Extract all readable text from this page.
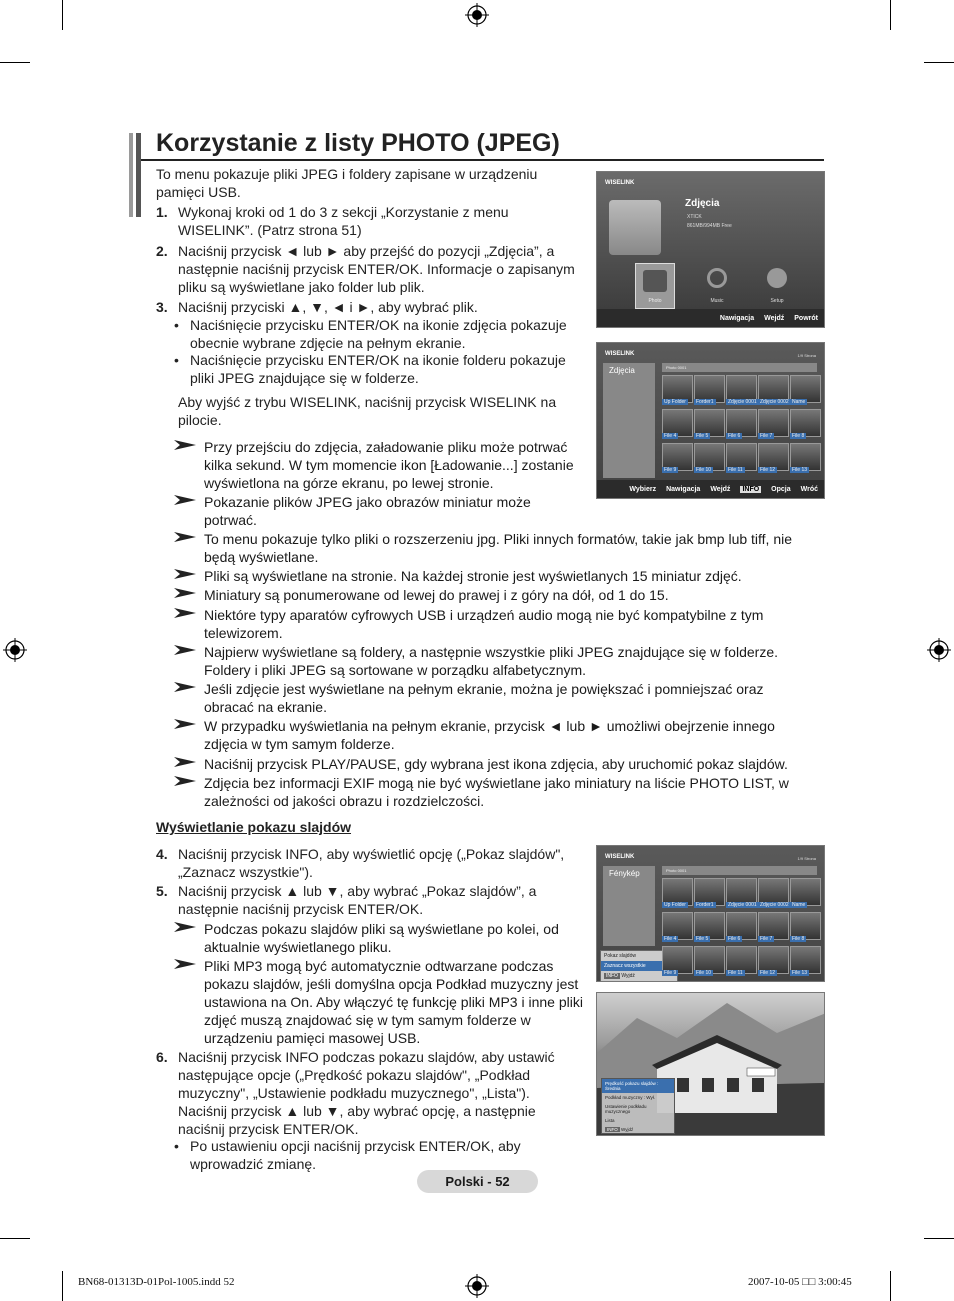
Korzystanie z listy PHOTO (JPEG)
To menu pokazuje pliki JPEG i foldery zapisane w urządzeniu pamięci USB.
1. Wykonaj kroki od 1 do 3 z sekcji „Korzystanie z menu WISELINK”. (Patrz strona 51)
2. Naciśnij przycisk ◄ lub ► aby przejść do pozycji „Zdjęcia”, a następnie naciśnij przycisk ENTER/OK. Informacje o zapisanym pliku są wyświetlane jako folder lub plik.
3. Naciśnij przyciski ▲, ▼, ◄ i ►, aby wybrać plik.
• Naciśnięcie przycisku ENTER/OK na ikonie zdjęcia pokazuje obecnie wybrane zdjęcie na pełnym ekranie.
• Naciśnięcie przycisku ENTER/OK na ikonie folderu pokazuje pliki JPEG znajdujące się w folderze.
Aby wyjść z trybu WISELINK, naciśnij przycisk WISELINK na pilocie.
Przy przejściu do zdjęcia, załadowanie pliku może potrwać kilka sekund. W tym momencie ikon [Ładowanie...] zostanie wyświetlona na górze ekranu, po lewej stronie.
Pokazanie plików JPEG jako obrazów miniatur może potrwać.
To menu pokazuje tylko pliki o rozszerzeniu jpg. Pliki innych formatów, takie jak bmp lub tiff, nie będą wyświetlane.
Pliki są wyświetlane na stronie. Na każdej stronie jest wyświetlanych 15 miniatur zdjęć.
Miniatury są ponumerowane od lewej do prawej i z góry na dół, od 1 do 15.
Niektóre typy aparatów cyfrowych USB i urządzeń audio mogą nie być kompatybilne z tym telewizorem.
Najpierw wyświetlane są foldery, a następnie wszystkie pliki JPEG znajdujące się w folderze. Foldery i pliki JPEG są sortowane w porządku alfabetycznym.
Jeśli zdjęcie jest wyświetlane na pełnym ekranie, można je powiększać i pomniejszać oraz obracać na ekranie.
W przypadku wyświetlania na pełnym ekranie, przycisk ◄ lub ► umożliwi obejrzenie innego zdjęcia w tym samym folderze.
Naciśnij przycisk PLAY/PAUSE, gdy wybrana jest ikona zdjęcia, aby uruchomić pokaz slajdów.
Zdjęcia bez informacji EXIF mogą nie być wyświetlane jako miniatury na liście PHOTO LIST, w zależności od jakości obrazu i rozdzielczości.
WISELINK
Zdjęcia
XTICK
861MB/994MB Free
Photo	Music	Setup
Nawigacja Wejdź Powrót
WISELINK	1/9 Strona
Zdjęcia	Photo 0001
Up Folder	Forder1	Zdjęcie 0001 Zdjęcie 0002 Name
File 4	File 5	File 6	File 7	File 8
File 9	File 10	File 11	File 12	File 13
Wybierz Nawigacja Wejdź INFO Opcja Wróć
WISELINK	1/9 Strona
Fénykép	Photo 0001
Pokaz slajdów
Zaznacz wszystkie
INFO Wyjdź
Up Folder	Forder1	Zdjęcie 0001 Zdjęcie 0002 Name
File 4	File 5	File 6	File 7	File 8
File 9	File 10	File 11	File 12	File 13
Prędkość pokazu slajdów : Średnia
Podkład muzyczny : Wył.
Ustawienie podkładu muzycznego
Lista
INFO Wyjdź
Wyświetlanie pokazu slajdów
4. Naciśnij przycisk INFO, aby wyświetlić opcję („Pokaz slajdów", „Zaznacz wszystkie").
5. Naciśnij przycisk ▲ lub ▼, aby wybrać „Pokaz slajdów”, a następnie naciśnij przycisk ENTER/OK.
Podczas pokazu slajdów pliki są wyświetlane po kolei, od aktualnie wyświetlanego pliku.
Pliki MP3 mogą być automatycznie odtwarzane podczas pokazu slajdów, jeśli domyślna opcja Podkład muzyczny jest ustawiona na On. Aby włączyć tę funkcję pliki MP3 i inne pliki zdjęć muszą znajdować się w tym samym folderze w urządzeniu pamięci masowej USB.
6. Naciśnij przycisk INFO podczas pokazu slajdów, aby ustawić następujące opcje („Prędkość pokazu slajdów", „Podkład muzyczny", „Ustawienie podkładu muzycznego", „Lista"). Naciśnij przycisk ▲ lub ▼, aby wybrać opcję, a następnie naciśnij przycisk ENTER/OK.
• Po ustawieniu opcji naciśnij przycisk ENTER/OK, aby wprowadzić zmianę.
Polski - 52
BN68-01313D-01Pol-1005.indd 52	2007-10-05 □□ 3:00:45
